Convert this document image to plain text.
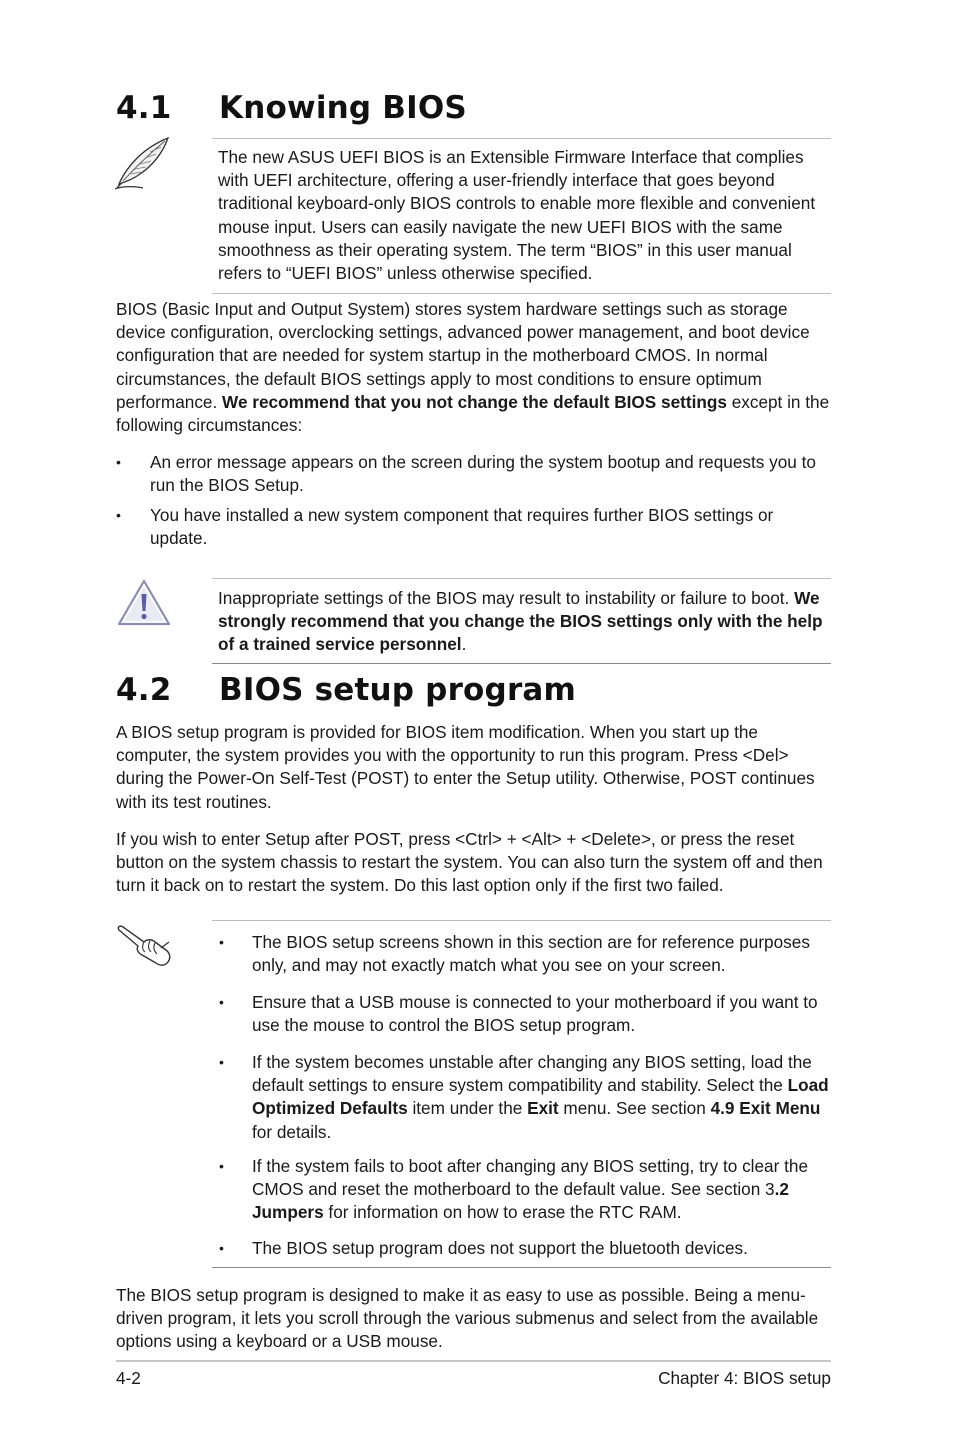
4.1 Knowing BIOS

The new ASUS UEFI BIOS is an Extensible Firmware Interface that complies with UEFI architecture, offering a user-friendly interface that goes beyond traditional keyboard-only BIOS controls to enable more flexible and convenient mouse input. Users can easily navigate the new UEFI BIOS with the same smoothness as their operating system. The term “BIOS” in this user manual refers to “UEFI BIOS” unless otherwise specified.

BIOS (Basic Input and Output System) stores system hardware settings such as storage device configuration, overclocking settings, advanced power management, and boot device configuration that are needed for system startup in the motherboard CMOS. In normal circumstances, the default BIOS settings apply to most conditions to ensure optimum performance. We recommend that you not change the default BIOS settings except in the following circumstances:

• An error message appears on the screen during the system bootup and requests you to run the BIOS Setup.

• You have installed a new system component that requires further BIOS settings or update.

Inappropriate settings of the BIOS may result to instability or failure to boot. We strongly recommend that you change the BIOS settings only with the help of a trained service personnel.

4.2 BIOS setup program

A BIOS setup program is provided for BIOS item modification. When you start up the computer, the system provides you with the opportunity to run this program. Press <Del> during the Power-On Self-Test (POST) to enter the Setup utility. Otherwise, POST continues with its test routines.

If you wish to enter Setup after POST, press <Ctrl> + <Alt> + <Delete>, or press the reset button on the system chassis to restart the system. You can also turn the system off and then turn it back on to restart the system. Do this last option only if the first two failed.

• The BIOS setup screens shown in this section are for reference purposes only, and may not exactly match what you see on your screen.

• Ensure that a USB mouse is connected to your motherboard if you want to use the mouse to control the BIOS setup program.

• If the system becomes unstable after changing any BIOS setting, load the default settings to ensure system compatibility and stability. Select the Load Optimized Defaults item under the Exit menu. See section 4.9 Exit Menu for details.

• If the system fails to boot after changing any BIOS setting, try to clear the CMOS and reset the motherboard to the default value. See section 3.2 Jumpers for information on how to erase the RTC RAM.

• The BIOS setup program does not support the bluetooth devices.

The BIOS setup program is designed to make it as easy to use as possible. Being a menu-driven program, it lets you scroll through the various submenus and select from the available options using a keyboard or a USB mouse.

4-2	Chapter 4: BIOS setup
